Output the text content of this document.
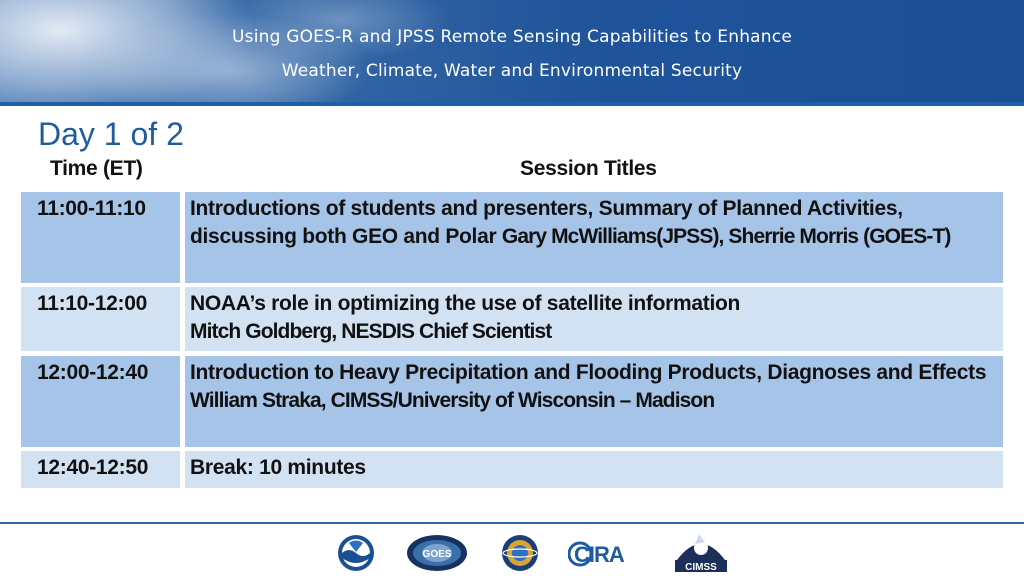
Using GOES-R and JPSS Remote Sensing Capabilities to Enhance
Weather, Climate, Water and Environmental Security
Day 1 of 2
Time (ET)	Session Titles
11:00-11:10	Introductions of students and presenters, Summary of Planned Activities, discussing both GEO and Polar Gary McWilliams(JPSS), Sherrie Morris (GOES-T)
11:10-12:00	NOAA’s role in optimizing the use of satellite information
Mitch Goldberg, NESDIS Chief Scientist
12:00-12:40	Introduction to Heavy Precipitation and Flooding Products, Diagnoses and Effects
William Straka, CIMSS/University of Wisconsin – Madison
12:40-12:50	Break: 10 minutes
GOES	CIRA
CIMSS
